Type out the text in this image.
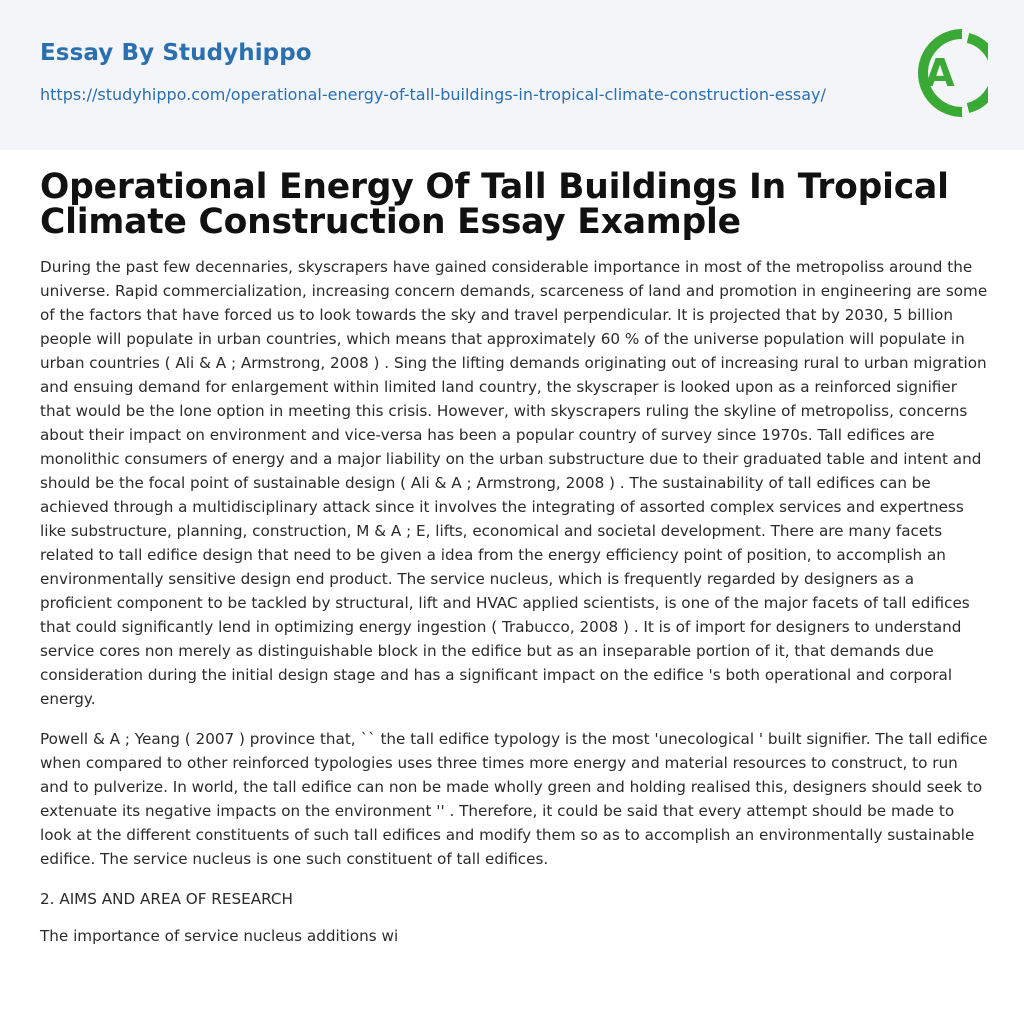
Essay By Studyhippo
https://studyhippo.com/operational-energy-of-tall-buildings-in-tropical-climate-construction-essay/	A
Operational Energy Of Tall Buildings In Tropical Climate Construction Essay Example

During the past few decennaries, skyscrapers have gained considerable importance in most of the metropoliss around the universe. Rapid commercialization, increasing concern demands, scarceness of land and promotion in engineering are some of the factors that have forced us to look towards the sky and travel perpendicular. It is projected that by 2030, 5 billion people will populate in urban countries, which means that approximately 60 % of the universe population will populate in urban countries ( Ali & A ; Armstrong, 2008 ) . Sing the lifting demands originating out of increasing rural to urban migration and ensuing demand for enlargement within limited land country, the skyscraper is looked upon as a reinforced signifier that would be the lone option in meeting this crisis. However, with skyscrapers ruling the skyline of metropoliss, concerns about their impact on environment and vice-versa has been a popular country of survey since 1970s. Tall edifices are monolithic consumers of energy and a major liability on the urban substructure due to their graduated table and intent and should be the focal point of sustainable design ( Ali & A ; Armstrong, 2008 ) . The sustainability of tall edifices can be achieved through a multidisciplinary attack since it involves the integrating of assorted complex services and expertness like substructure, planning, construction, M & A ; E, lifts, economical and societal development. There are many facets related to tall edifice design that need to be given a idea from the energy efficiency point of position, to accomplish an environmentally sensitive design end product. The service nucleus, which is frequently regarded by designers as a proficient component to be tackled by structural, lift and HVAC applied scientists, is one of the major facets of tall edifices that could significantly lend in optimizing energy ingestion ( Trabucco, 2008 ) . It is of import for designers to understand service cores non merely as distinguishable block in the edifice but as an inseparable portion of it, that demands due consideration during the initial design stage and has a significant impact on the edifice 's both operational and corporal energy.

Powell & A ; Yeang ( 2007 ) province that, `` the tall edifice typology is the most 'unecological ' built signifier. The tall edifice when compared to other reinforced typologies uses three times more energy and material resources to construct, to run and to pulverize. In world, the tall edifice can non be made wholly green and holding realised this, designers should seek to extenuate its negative impacts on the environment '' . Therefore, it could be said that every attempt should be made to look at the different constituents of such tall edifices and modify them so as to accomplish an environmentally sustainable edifice. The service nucleus is one such constituent of tall edifices.

2. AIMS AND AREA OF RESEARCH

The importance of service nucleus additions wi
